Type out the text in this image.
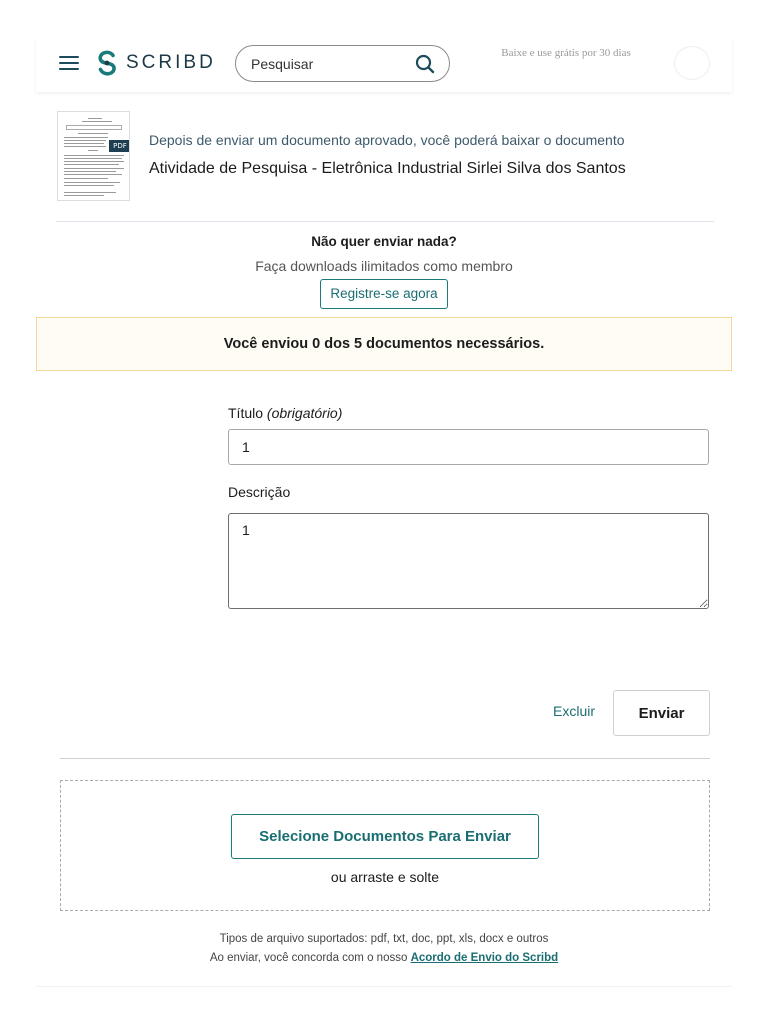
SCRIBD
Pesquisar	Baixe e use grátis por 30 dias
PDF Depois de enviar um documento aprovado, você poderá baixar o documento
Atividade de Pesquisa - Eletrônica Industrial Sirlei Silva dos Santos
Não quer enviar nada?
Faça downloads ilimitados como membro
Registre-se agora
Você enviou 0 dos 5 documentos necessários.
Título (obrigatório)
1
Descrição
1
Excluir	Enviar
Selecione Documentos Para Enviar
ou arraste e solte
Tipos de arquivo suportados: pdf, txt, doc, ppt, xls, docx e outros
Ao enviar, você concorda com o nosso Acordo de Envio do Scribd
